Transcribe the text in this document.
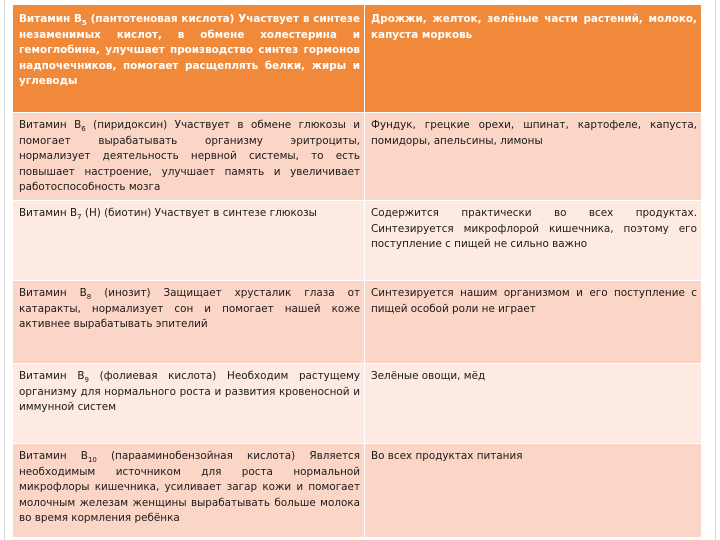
Витамин $B_5$ (пантотеновая кислота) Участвует в синтезе незаменимых кислот, в обмене холестерина и гемоглобина, улучшает производство синтез гормонов надпочечников, помогает расщеплять белки, жиры и углеводы	Дрожжи, желток, зелёные части растений, молоко, капуста морковь
Витамин $B_6$ (пиридоксин) Участвует в обмене глюкозы и помогает вырабатывать организму эритроциты, нормализует деятельность нервной системы, то есть повышает настроение, улучшает память и увеличивает работоспособность мозга	Фундук, грецкие орехи, шпинат, картофеле, капуста, помидоры, апельсины, лимоны
Витамин $B_7$ (H) (биотин) Участвует в синтезе глюкозы	Содержится практически во всех продуктах. Синтезируется микрофлорой кишечника, поэтому его поступление с пищей не сильно важно
Витамин $B_8$ (инозит) Защищает хрусталик глаза от катаракты, нормализует сон и помогает нашей коже активнее вырабатывать эпителий	Синтезируется нашим организмом и его поступление с пищей особой роли не играет
Витамин $B_9$ (фолиевая кислота) Необходим растущему организму для нормального роста и развития кровеносной и иммунной систем	Зелёные овощи, мёд
Витамин $B_{10}$ (парааминобензойная кислота) Является необходимым источником для роста нормальной микрофлоры кишечника, усиливает загар кожи и помогает молочным железам женщины вырабатывать больше молока во время кормления ребёнка	Во всех продуктах питания
